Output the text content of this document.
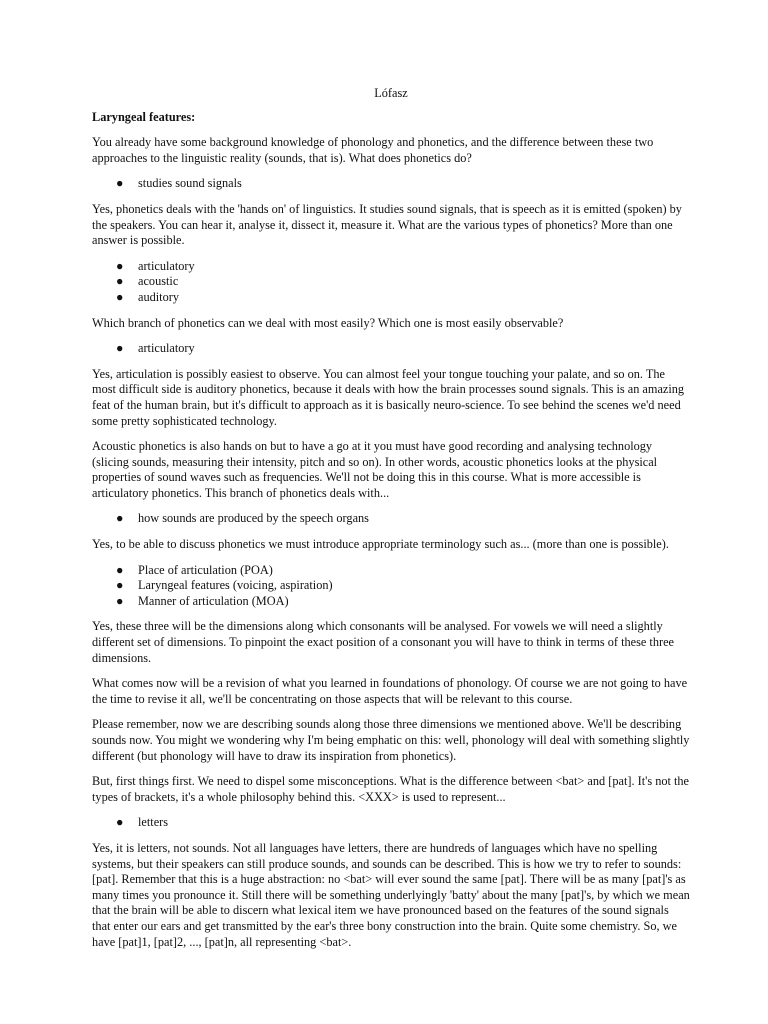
Lófasz
Laryngeal features:

You already have some background knowledge of phonology and phonetics, and the difference between these two approaches to the linguistic reality (sounds, that is). What does phonetics do?

● studies sound signals

Yes, phonetics deals with the 'hands on' of linguistics. It studies sound signals, that is speech as it is emitted (spoken) by the speakers. You can hear it, analyse it, dissect it, measure it. What are the various types of phonetics? More than one answer is possible.

● articulatory
● acoustic
● auditory

Which branch of phonetics can we deal with most easily? Which one is most easily observable?

● articulatory

Yes, articulation is possibly easiest to observe. You can almost feel your tongue touching your palate, and so on. The most difficult side is auditory phonetics, because it deals with how the brain processes sound signals. This is an amazing feat of the human brain, but it's difficult to approach as it is basically neuro-science. To see behind the scenes we'd need some pretty sophisticated technology.

Acoustic phonetics is also hands on but to have a go at it you must have good recording and analysing technology (slicing sounds, measuring their intensity, pitch and so on). In other words, acoustic phonetics looks at the physical properties of sound waves such as frequencies. We'll not be doing this in this course. What is more accessible is articulatory phonetics. This branch of phonetics deals with...

● how sounds are produced by the speech organs

Yes, to be able to discuss phonetics we must introduce appropriate terminology such as... (more than one is possible).

● Place of articulation (POA)
● Laryngeal features (voicing, aspiration)
● Manner of articulation (MOA)

Yes, these three will be the dimensions along which consonants will be analysed. For vowels we will need a slightly different set of dimensions. To pinpoint the exact position of a consonant you will have to think in terms of these three dimensions.

What comes now will be a revision of what you learned in foundations of phonology. Of course we are not going to have the time to revise it all, we'll be concentrating on those aspects that will be relevant to this course.

Please remember, now we are describing sounds along those three dimensions we mentioned above. We'll be describing sounds now. You might we wondering why I'm being emphatic on this: well, phonology will deal with something slightly different (but phonology will have to draw its inspiration from phonetics).

But, first things first. We need to dispel some misconceptions. What is the difference between <bat> and [pat]. It's not the types of brackets, it's a whole philosophy behind this. <XXX> is used to represent...

● letters

Yes, it is letters, not sounds. Not all languages have letters, there are hundreds of languages which have no spelling systems, but their speakers can still produce sounds, and sounds can be described. This is how we try to refer to sounds: [pat]. Remember that this is a huge abstraction: no <bat> will ever sound the same [pat]. There will be as many [pat]'s as many times you pronounce it. Still there will be something underlyingly 'batty' about the many [pat]'s, by which we mean that the brain will be able to discern what lexical item we have pronounced based on the features of the sound signals that enter our ears and get transmitted by the ear's three bony construction into the brain. Quite some chemistry. So, we have [pat]1, [pat]2, ..., [pat]n, all representing <bat>.
